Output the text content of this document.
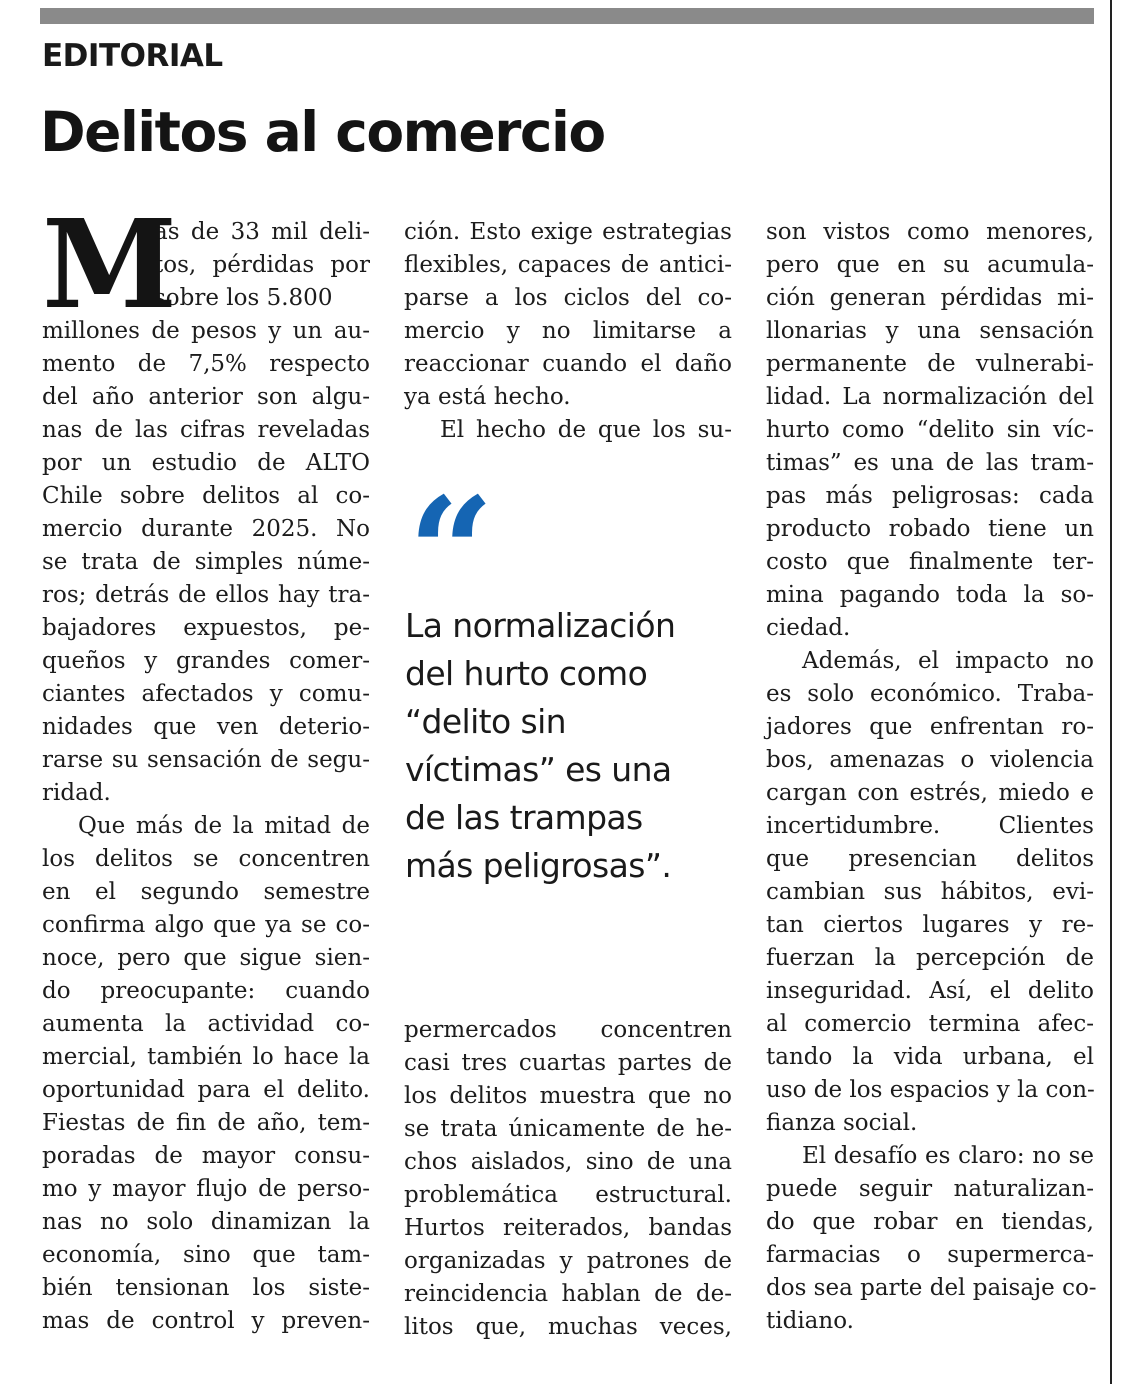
EDITORIAL
Delitos al comercio
M
ás de 33 mil deli-
tos, pérdidas por
sobre los 5.800
millones de pesos y un au-
mento de 7,5% respecto
del año anterior son algu-
nas de las cifras reveladas
por un estudio de ALTO
Chile sobre delitos al co-
mercio durante 2025. No
se trata de simples núme-
ros; detrás de ellos hay tra-
bajadores expuestos, pe-
queños y grandes comer-
ciantes afectados y comu-
nidades que ven deterio-
rarse su sensación de segu-
ridad.
Que más de la mitad de
los delitos se concentren
en el segundo semestre
confirma algo que ya se co-
noce, pero que sigue sien-
do preocupante: cuando
aumenta la actividad co-
mercial, también lo hace la
oportunidad para el delito.
Fiestas de fin de año, tem-
poradas de mayor consu-
mo y mayor flujo de perso-
nas no solo dinamizan la
economía, sino que tam-
bién tensionan los siste-
mas de control y preven-
ción. Esto exige estrategias
flexibles, capaces de antici-
parse a los ciclos del co-
mercio y no limitarse a
reaccionar cuando el daño
ya está hecho.
El hecho de que los su-
“
La normalización
del hurto como
“delito sin
víctimas” es una
de las trampas
más peligrosas”.
permercados concentren
casi tres cuartas partes de
los delitos muestra que no
se trata únicamente de he-
chos aislados, sino de una
problemática estructural.
Hurtos reiterados, bandas
organizadas y patrones de
reincidencia hablan de de-
litos que, muchas veces,
son vistos como menores,
pero que en su acumula-
ción generan pérdidas mi-
llonarias y una sensación
permanente de vulnerabi-
lidad. La normalización del
hurto como “delito sin víc-
timas” es una de las tram-
pas más peligrosas: cada
producto robado tiene un
costo que finalmente ter-
mina pagando toda la so-
ciedad.
Además, el impacto no
es solo económico. Traba-
jadores que enfrentan ro-
bos, amenazas o violencia
cargan con estrés, miedo e
incertidumbre. Clientes
que presencian delitos
cambian sus hábitos, evi-
tan ciertos lugares y re-
fuerzan la percepción de
inseguridad. Así, el delito
al comercio termina afec-
tando la vida urbana, el
uso de los espacios y la con-
fianza social.
El desafío es claro: no se
puede seguir naturalizan-
do que robar en tiendas,
farmacias o supermerca-
dos sea parte del paisaje co-
tidiano.
